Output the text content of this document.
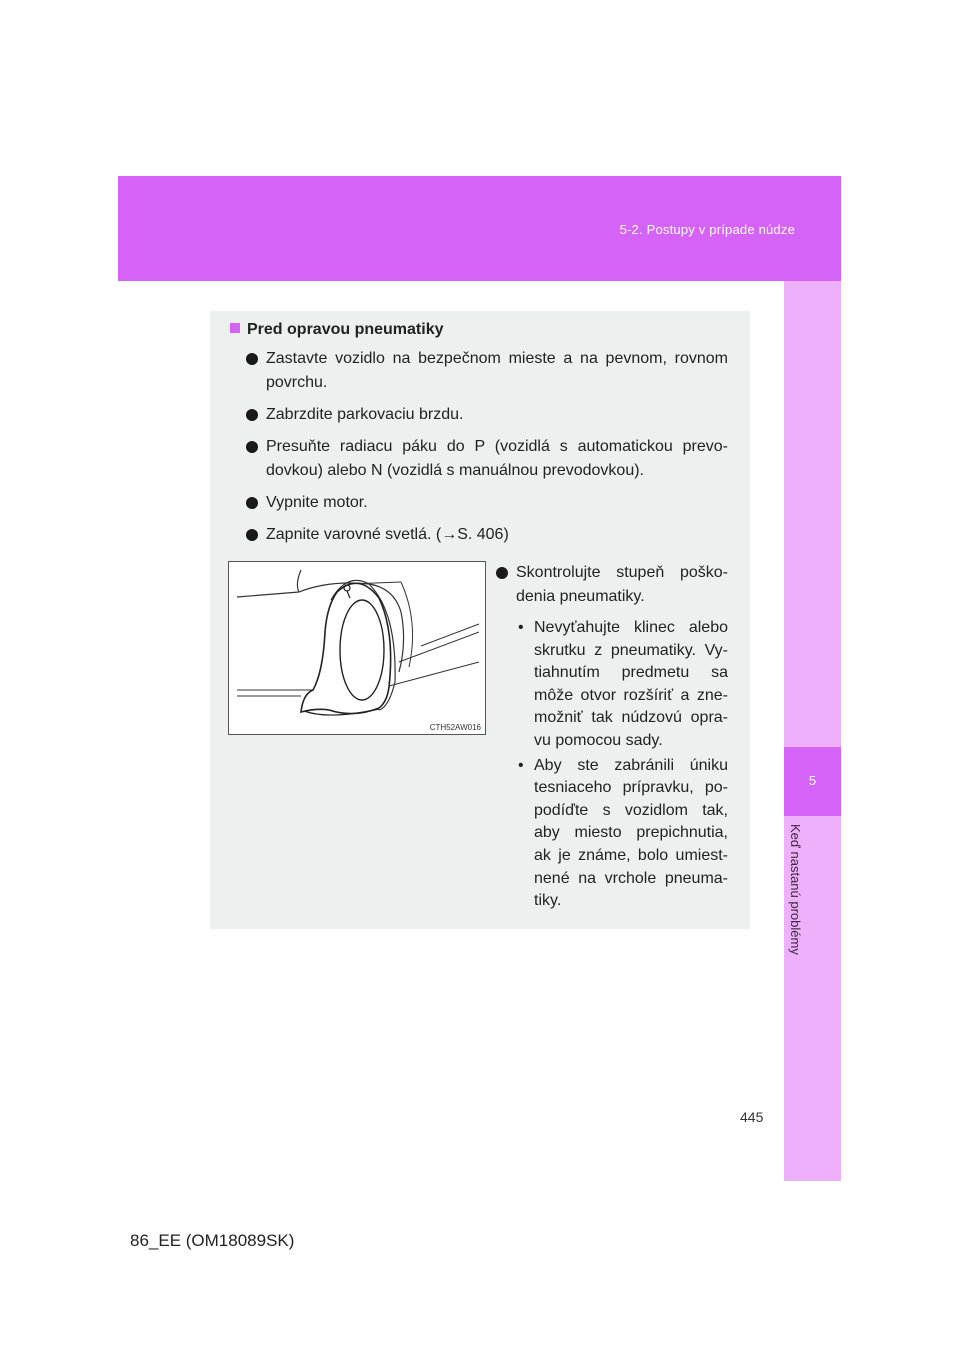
5-2. Postupy v prípade núdze
5
Keď nastanú problémy
Pred opravou pneumatiky
Zastavte vozidlo na bezpečnom mieste a na pevnom, rovnom povrchu.
Zabrzdite parkovaciu brzdu.
Presuňte radiacu páku do P (vozidlá s automatickou prevo-dovkou) alebo N (vozidlá s manuálnou prevodovkou).
Vypnite motor.
Zapnite varovné svetlá. (→S. 406)
CTH52AW016
Skontrolujte stupeň poško-denia pneumatiky.
• Nevyťahujte klinec alebo skrutku z pneumatiky. Vy-tiahnutím predmetu sa môže otvor rozšíriť a zne-možniť tak núdzovú opra-vu pomocou sady.
• Aby ste zabránili úniku tesniaceho prípravku, po-podíďte s vozidlom tak, aby miesto prepichnutia, ak je známe, bolo umiest-nené na vrchole pneuma-tiky.
445
86_EE (OM18089SK)
